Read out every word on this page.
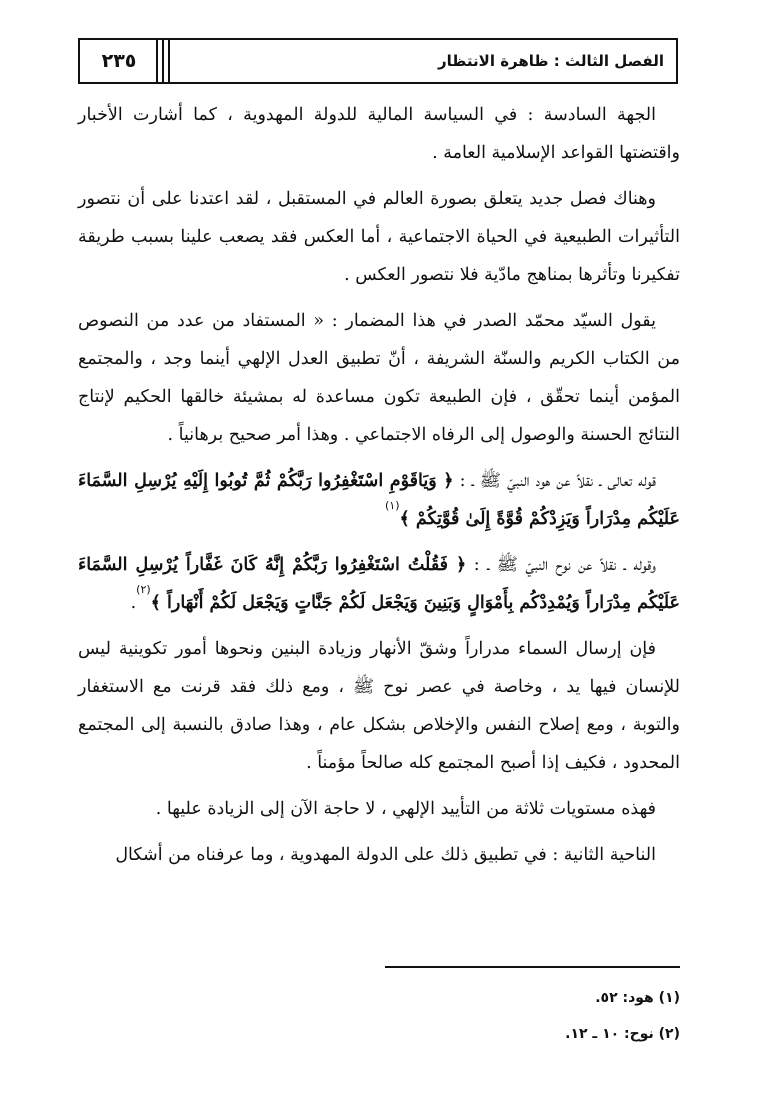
٢٣٥	الفصل الثالث : ظاهرة الانتظار

الجهة السادسة : في السياسة المالية للدولة المهدوية ، كما أشارت الأخبار واقتضتها القواعد الإسلامية العامة .

وهناك فصل جديد يتعلق بصورة العالم في المستقبل ، لقد اعتدنا على أن نتصور التأثيرات الطبيعية في الحياة الاجتماعية ، أما العكس فقد يصعب علينا بسبب طريقة تفكيرنا وتأثرها بمناهج مادّية فلا نتصور العكس .

يقول السيّد محمّد الصدر في هذا المضمار : « المستفاد من عدد من النصوص من الكتاب الكريم والسنّة الشريفة ، أنّ تطبيق العدل الإلهي أينما وجد ، والمجتمع المؤمن أينما تحقّق ، فإن الطبيعة تكون مساعدة له بمشيئة خالقها الحكيم لإنتاج النتائج الحسنة والوصول إلى الرفاه الاجتماعي . وهذا أمر صحيح برهانياً .

قوله تعالى ـ نقلاً عن هود النبيّ ﷺ ـ : ﴿ وَيَاقَوْمِ اسْتَغْفِرُوا رَبَّكُمْ ثُمَّ تُوبُوا إِلَيْهِ يُرْسِلِ السَّمَاءَ عَلَيْكُم مِدْرَاراً وَيَزِدْكُمْ قُوَّةً إِلَىٰ قُوَّتِكُمْ ﴾$^{(١)}$

وقوله ـ نقلاً عن نوح النبيّ ﷺ ـ : ﴿ فَقُلْتُ اسْتَغْفِرُوا رَبَّكُمْ إِنَّهُ كَانَ غَفَّاراً يُرْسِلِ السَّمَاءَ عَلَيْكُم مِدْرَاراً وَيُمْدِدْكُم بِأَمْوَالٍ وَبَنِينَ وَيَجْعَل لَكُمْ جَنَّاتٍ وَيَجْعَل لَكُمْ أَنْهَاراً ﴾$^{(٢)}$.

فإن إرسال السماء مدراراً وشقّ الأنهار وزيادة البنين ونحوها أمور تكوينية ليس للإنسان فيها يد ، وخاصة في عصر نوح ﷺ ، ومع ذلك فقد قرنت مع الاستغفار والتوبة ، ومع إصلاح النفس والإخلاص بشكل عام ، وهذا صادق بالنسبة إلى المجتمع المحدود ، فكيف إذا أصبح المجتمع كله صالحاً مؤمناً .

فهذه مستويات ثلاثة من التأييد الإلهي ، لا حاجة الآن إلى الزيادة عليها .

الناحية الثانية : في تطبيق ذلك على الدولة المهدوية ، وما عرفناه من أشكال

(١) هود: ٥٢.
(٢) نوح: ١٠ ـ ١٢.
